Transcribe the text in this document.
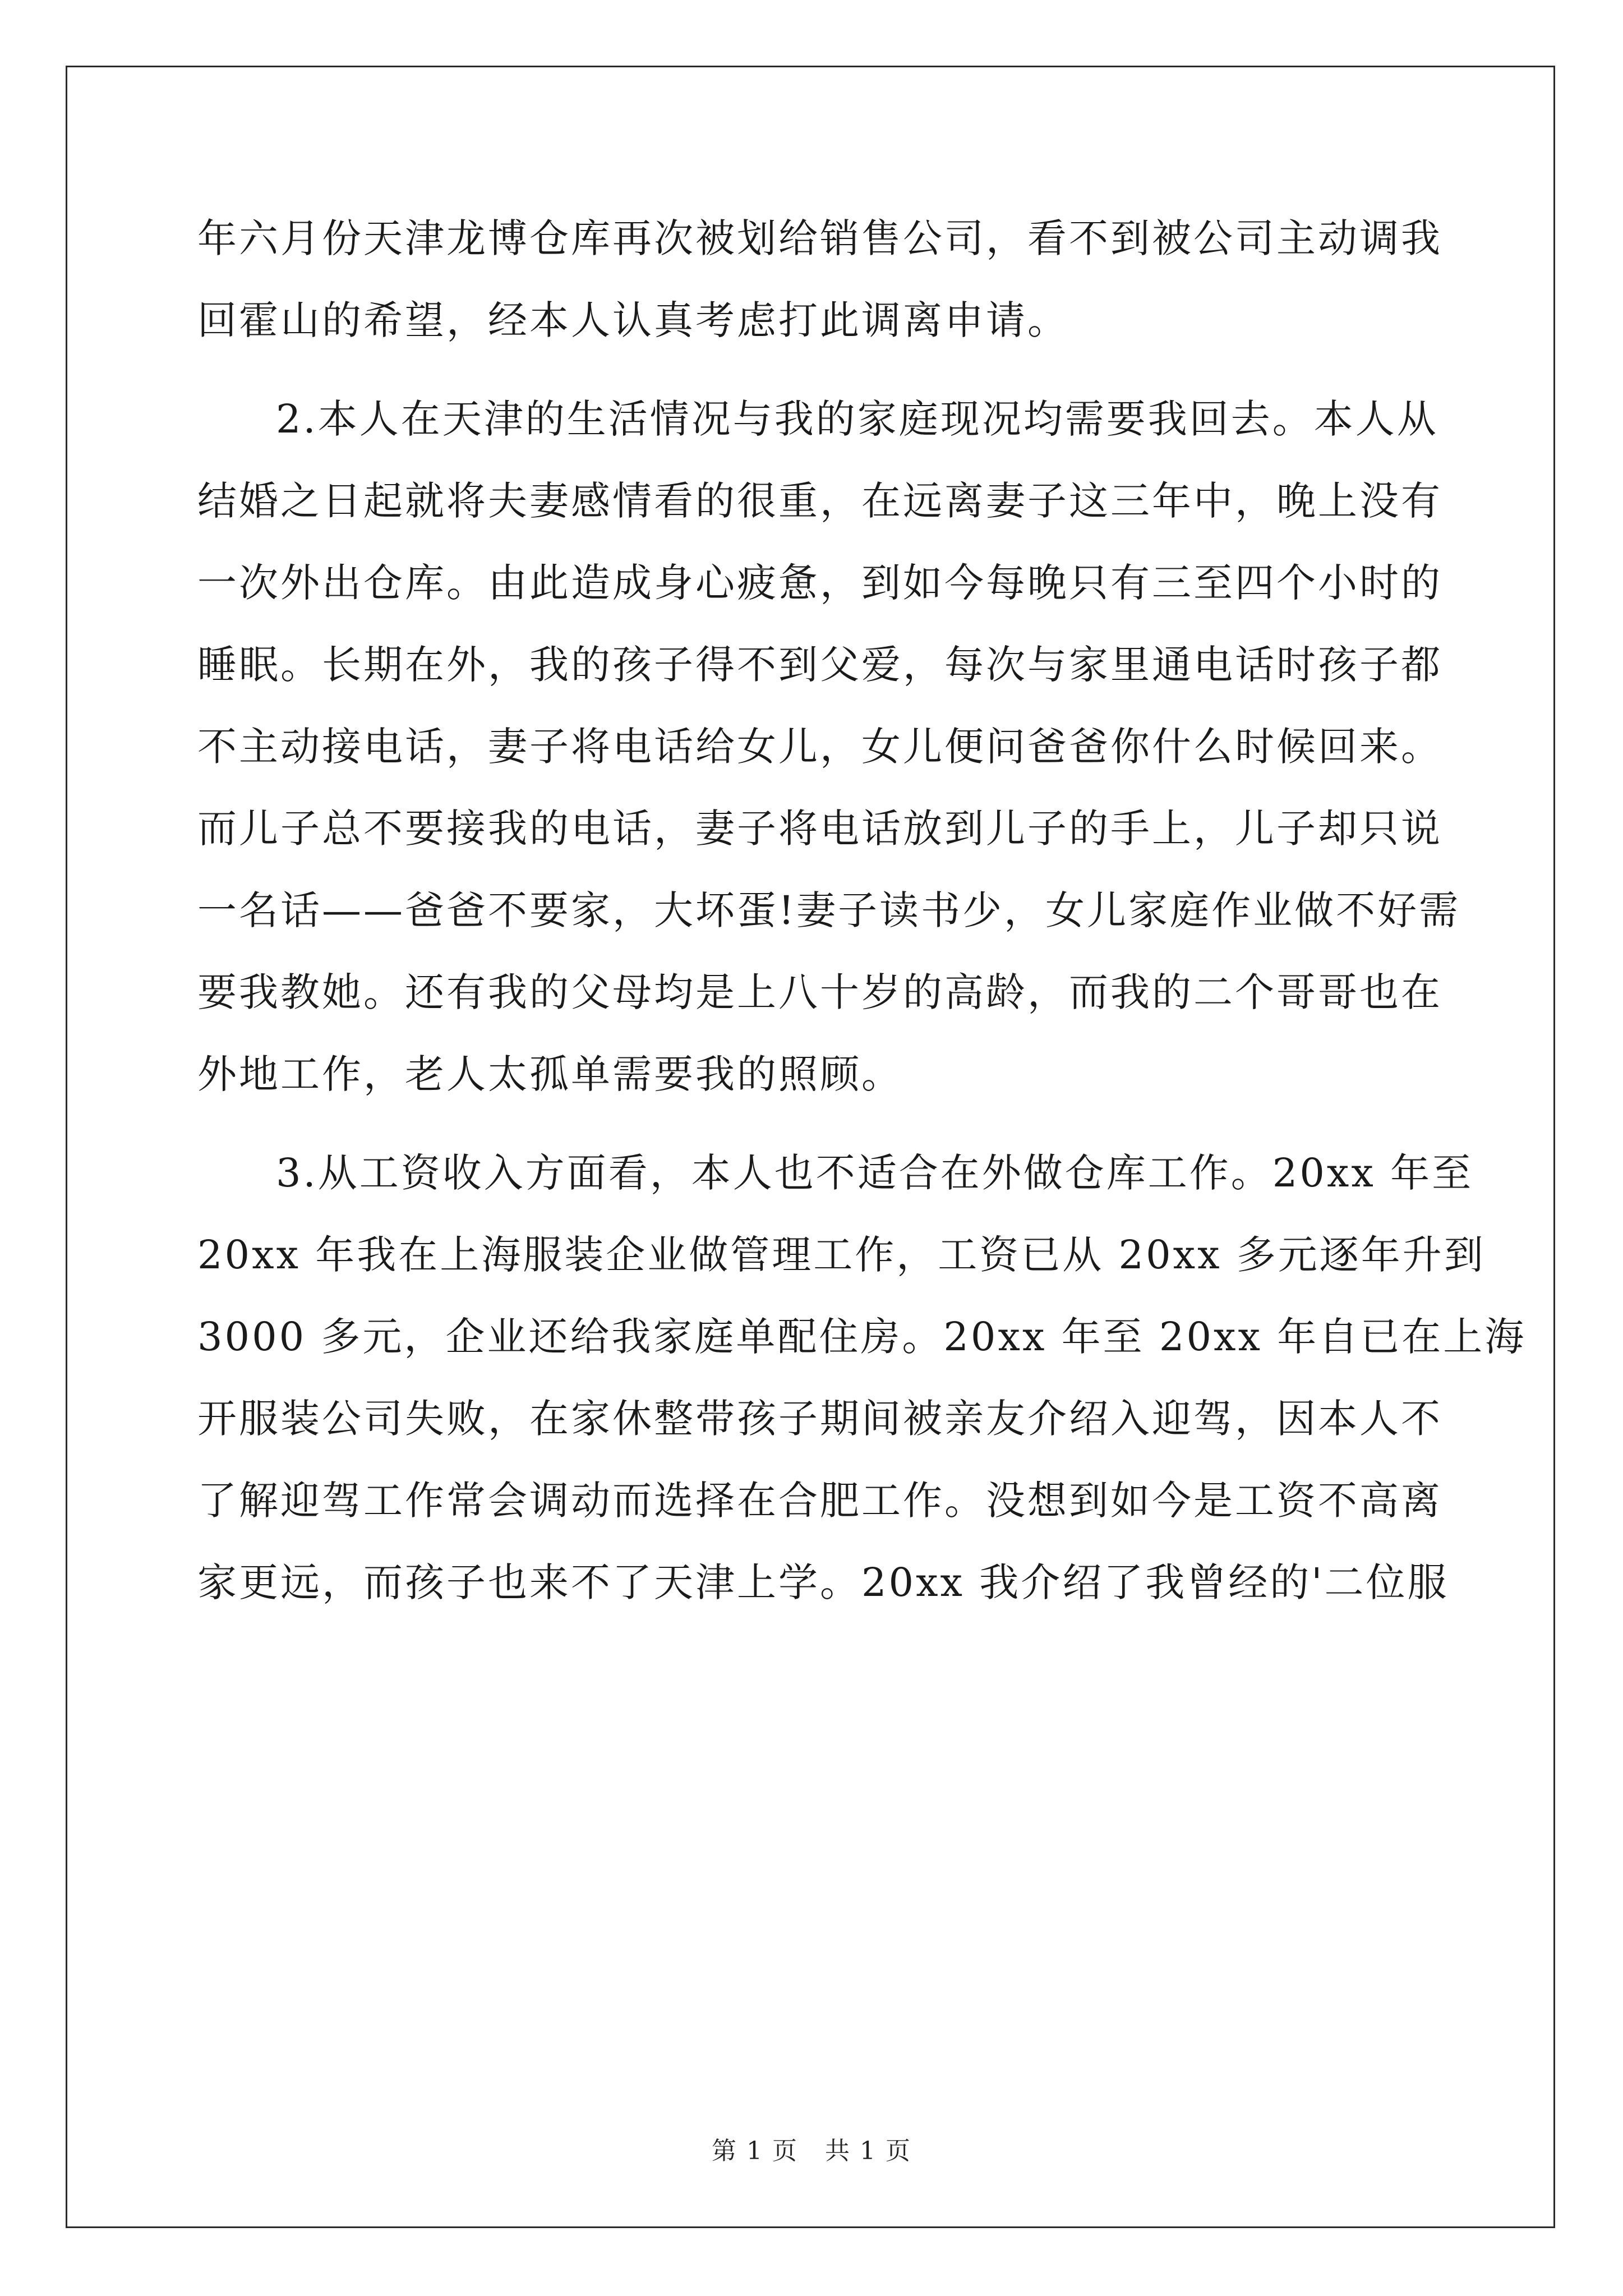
年六月份天津龙博仓库再次被划给销售公司，看不到被公司主动调我
回霍山的希望，经本人认真考虑打此调离申请。
2.本人在天津的生活情况与我的家庭现况均需要我回去。本人从
结婚之日起就将夫妻感情看的很重，在远离妻子这三年中，晚上没有
一次外出仓库。由此造成身心疲惫，到如今每晚只有三至四个小时的
睡眠。长期在外，我的孩子得不到父爱，每次与家里通电话时孩子都
不主动接电话，妻子将电话给女儿，女儿便问爸爸你什么时候回来。
而儿子总不要接我的电话，妻子将电话放到儿子的手上，儿子却只说
一名话——爸爸不要家，大坏蛋!妻子读书少，女儿家庭作业做不好需
要我教她。还有我的父母均是上八十岁的高龄，而我的二个哥哥也在
外地工作，老人太孤单需要我的照顾。
3.从工资收入方面看，本人也不适合在外做仓库工作。20xx 年至
20xx 年我在上海服装企业做管理工作，工资已从 20xx 多元逐年升到
3000 多元，企业还给我家庭单配住房。20xx 年至 20xx 年自已在上海
开服装公司失败，在家休整带孩子期间被亲友介绍入迎驾，因本人不
了解迎驾工作常会调动而选择在合肥工作。没想到如今是工资不高离
家更远，而孩子也来不了天津上学。20xx 我介绍了我曾经的'二位服
第 1 页 共 1 页
